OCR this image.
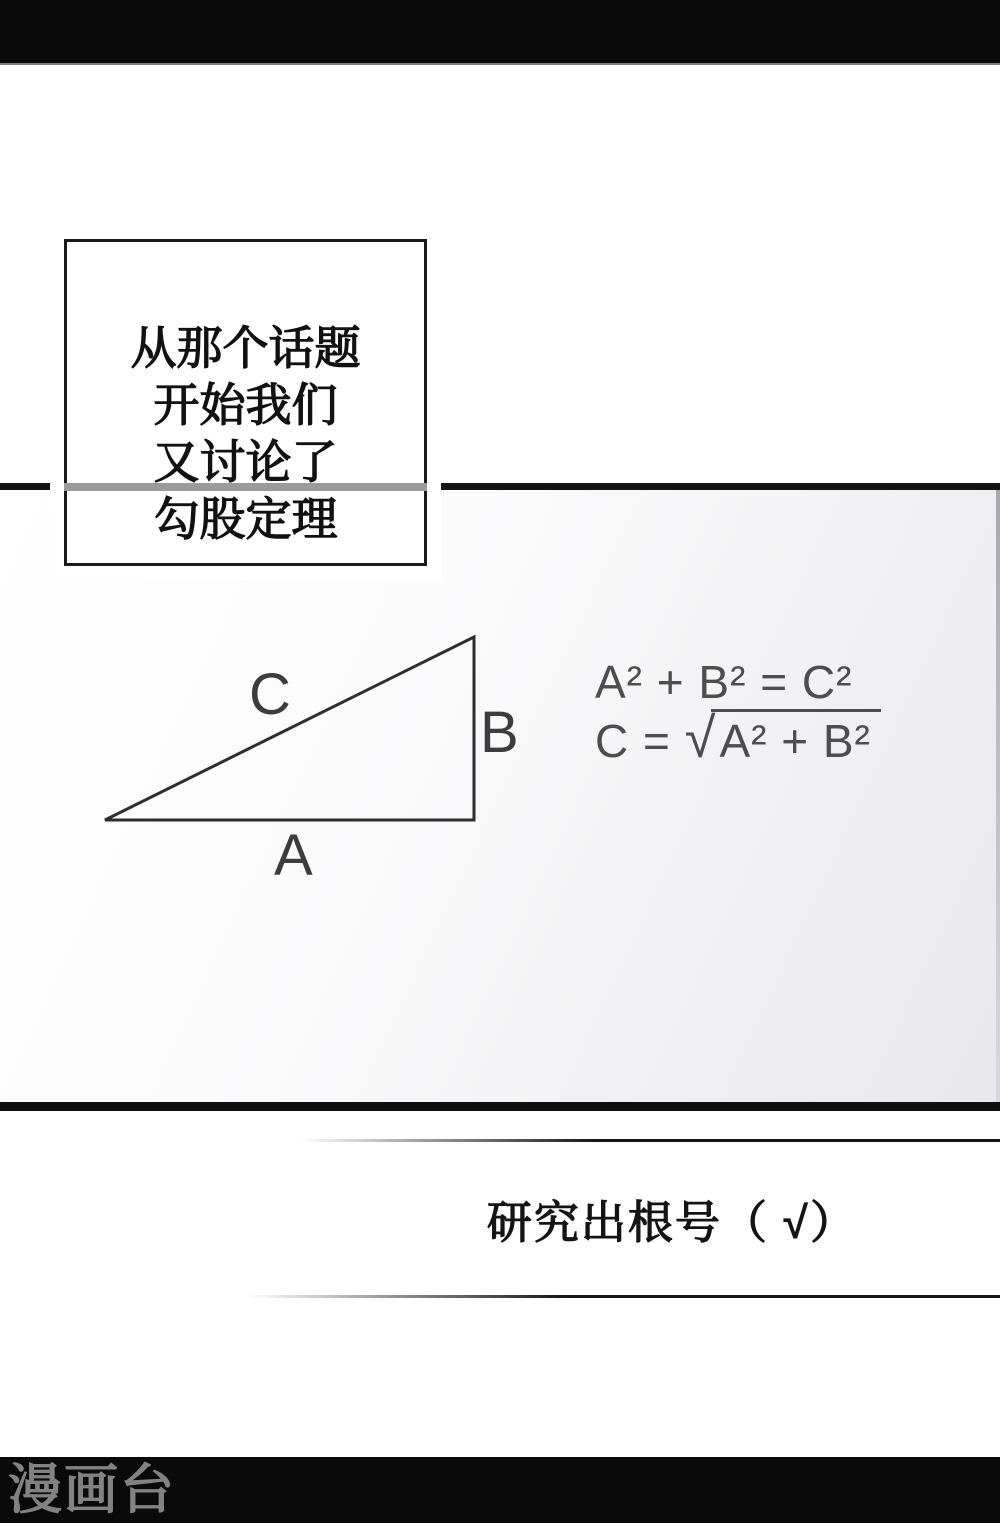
C
B
A
A² + B² = C²
C = √A² + B²
从那个话题
开始我们
又讨论了
勾股定理
研究出根号（ √）
漫画台
